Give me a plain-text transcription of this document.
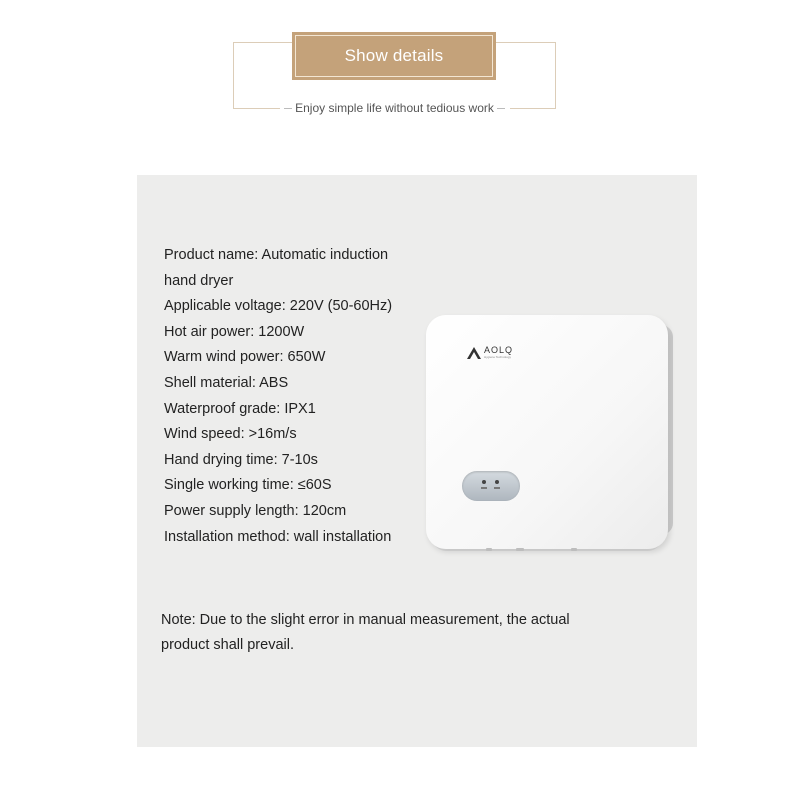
Show details
Enjoy simple life without tedious work
Product name: Automatic induction
hand dryer
Applicable voltage: 220V (50-60Hz)
Hot air power: 1200W
Warm wind power: 650W
Shell material: ABS
Waterproof grade: IPX1
Wind speed: >16m/s
Hand drying time: 7-10s
Single working time: ≤60S
Power supply length: 120cm
Installation method: wall installation
AOLQ
Hygiene Technology
Note: Due to the slight error in manual measurement, the actual
product shall prevail.
